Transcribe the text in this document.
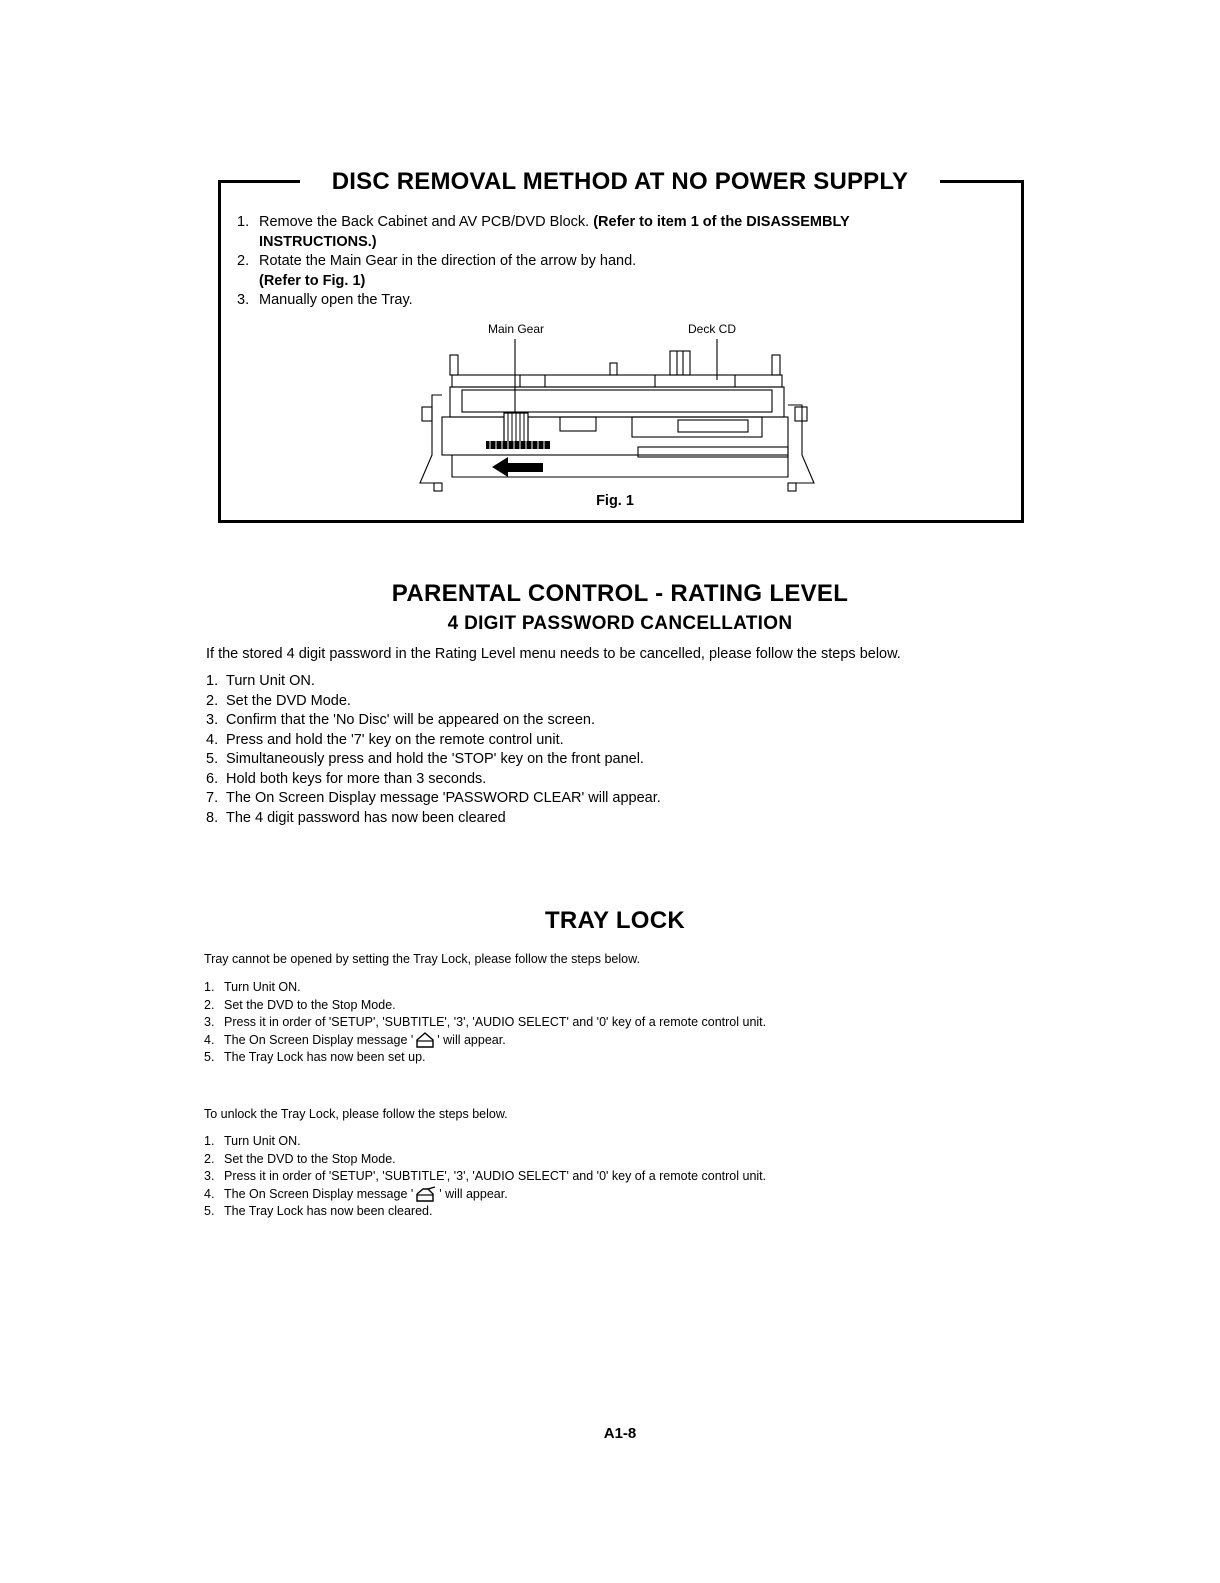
DISC REMOVAL METHOD AT NO POWER SUPPLY
1. Remove the Back Cabinet and AV PCB/DVD Block. (Refer to item 1 of the DISASSEMBLY
INSTRUCTIONS.)
2. Rotate the Main Gear in the direction of the arrow by hand.
(Refer to Fig. 1)
3. Manually open the Tray.
Main Gear	Deck CD
Fig. 1
PARENTAL CONTROL - RATING LEVEL
4 DIGIT PASSWORD CANCELLATION
If the stored 4 digit password in the Rating Level menu needs to be cancelled, please follow the steps below.
1. Turn Unit ON.
2. Set the DVD Mode.
3. Confirm that the 'No Disc' will be appeared on the screen.
4. Press and hold the '7' key on the remote control unit.
5. Simultaneously press and hold the 'STOP' key on the front panel.
6. Hold both keys for more than 3 seconds.
7. The On Screen Display message 'PASSWORD CLEAR' will appear.
8. The 4 digit password has now been cleared
TRAY LOCK
Tray cannot be opened by setting the Tray Lock, please follow the steps below.
1. Turn Unit ON.
2. Set the DVD to the Stop Mode.
3. Press it in order of 'SETUP', 'SUBTITLE', '3', 'AUDIO SELECT' and '0' key of a remote control unit.
4. The On Screen Display message ' ' will appear.
5. The Tray Lock has now been set up.
To unlock the Tray Lock, please follow the steps below.
1. Turn Unit ON.
2. Set the DVD to the Stop Mode.
3. Press it in order of 'SETUP', 'SUBTITLE', '3', 'AUDIO SELECT' and '0' key of a remote control unit.
4. The On Screen Display message ' ' will appear.
5. The Tray Lock has now been cleared.
A1-8
